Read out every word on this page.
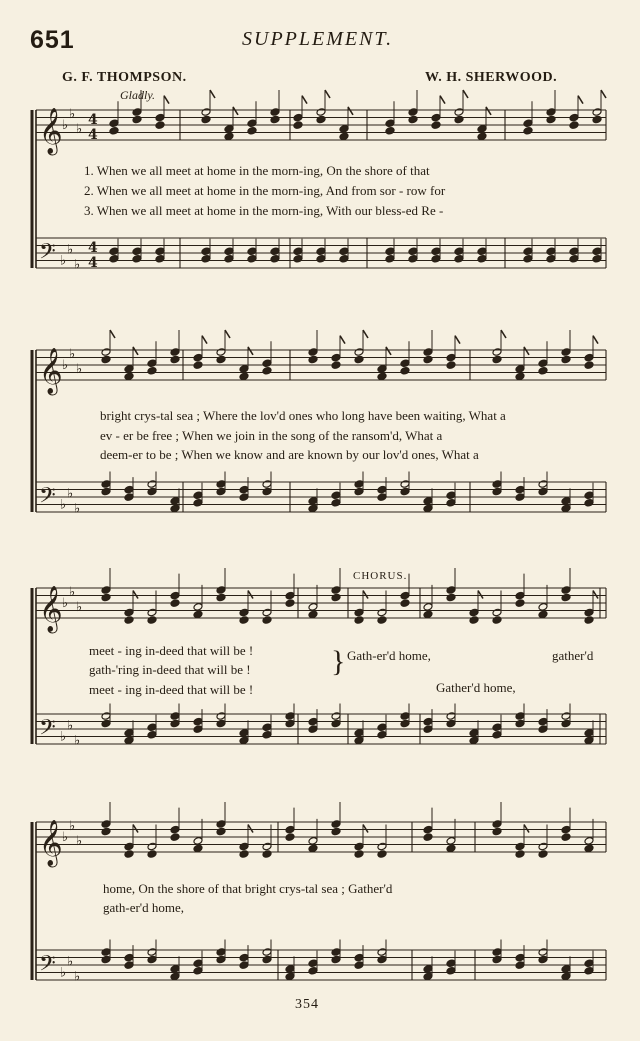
651	SUPPLEMENT.
G. F. THOMPSON.	W. H. SHERWOOD.
Gladly.
𝄞 ♭
♭
♭
4
4
𝄢 ♭
♭
♭
4
4
𝄞 ♭
♭
♭
𝄢 ♭
♭
♭
𝄞 ♭
♭
♭
𝄢 ♭
♭
♭
𝄞 ♭
♭
♭
𝄢 ♭
♭
♭
1. When we all meet at home in the morn-ing, On the shore of that
2. When we all meet at home in the morn-ing, And from sor - row for
3. When we all meet at home in the morn-ing, With our bless-ed Re -
bright crys-tal sea ; Where the lov'd ones who long have been waiting, What a
ev - er be free ; When we join in the song of the ransom'd, What a
deem-er to be ; When we know and are known by our lov'd ones, What a
CHORUS.
meet - ing in-deed that will be !
gath-'ring in-deed that will be !
meet - ing in-deed that will be !
} Gath-er'd home,	gather'd
Gather'd home,
home, On the shore of that bright crys-tal sea ; Gather'd
gath-er'd home,
354
